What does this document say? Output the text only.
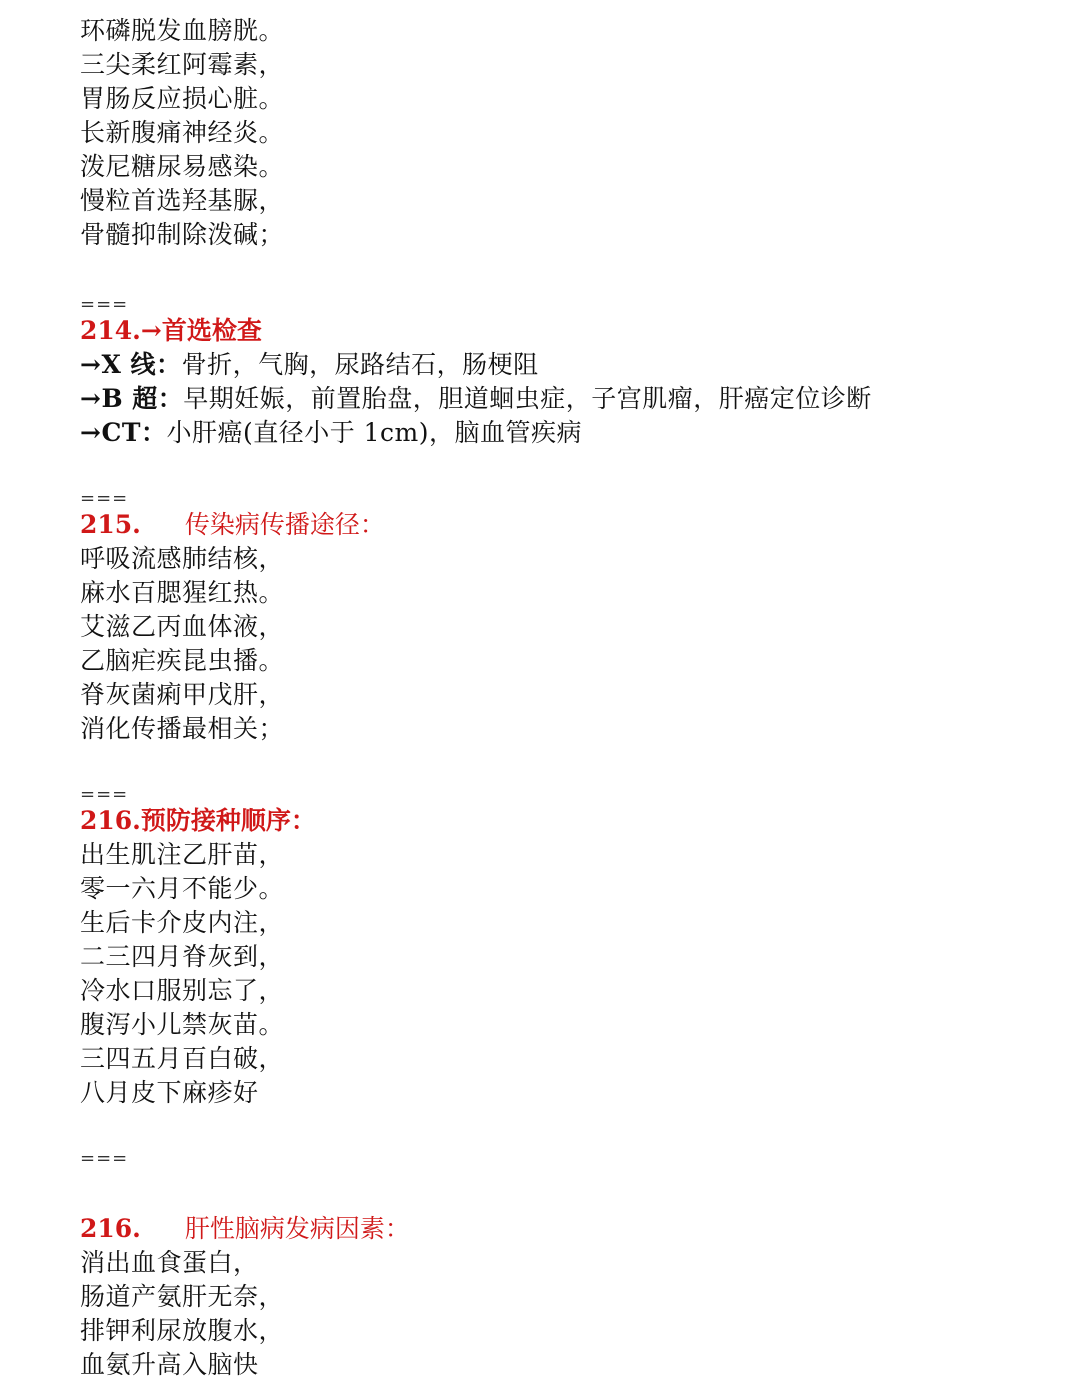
环磷脱发血膀胱。
三尖柔红阿霉素，
胃肠反应损心脏。
长新腹痛神经炎。
泼尼糖尿易感染。
慢粒首选羟基脲，
骨髓抑制除泼碱；
===
214.→首选检查
→X 线：骨折，气胸，尿路结石，肠梗阻
→B 超：早期妊娠，前置胎盘，胆道蛔虫症，子宫肌瘤，肝癌定位诊断
→CT：小肝癌(直径小于 1cm)，脑血管疾病
===
215. 传染病传播途径：
呼吸流感肺结核，
麻水百腮猩红热。
艾滋乙丙血体液，
乙脑疟疾昆虫播。
脊灰菌痢甲戊肝，
消化传播最相关；
===
216.预防接种顺序：
出生肌注乙肝苗，
零一六月不能少。
生后卡介皮内注，
二三四月脊灰到，
冷水口服别忘了，
腹泻小儿禁灰苗。
三四五月百白破，
八月皮下麻疹好
===
216. 肝性脑病发病因素：
消出血食蛋白，
肠道产氨肝无奈，
排钾利尿放腹水，
血氨升高入脑快
